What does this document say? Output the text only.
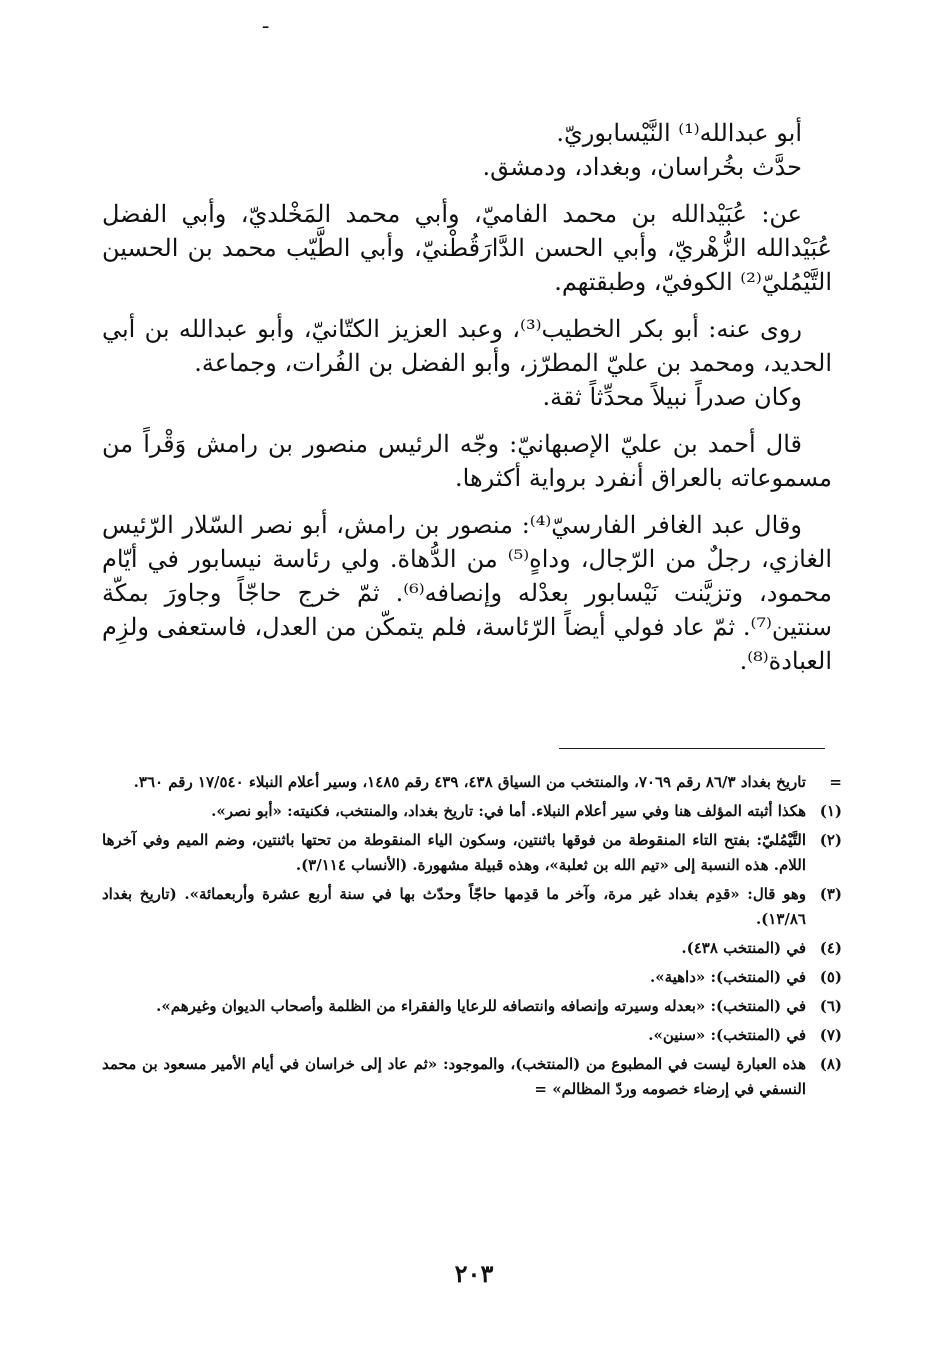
ـ

أبو عبدالله⁽¹⁾ النَّيْسابوريّ.

حدَّث بخُراسان، وبغداد، ودمشق.

عن: عُبَيْدالله بن محمد الفاميّ، وأبي محمد المَخْلديّ، وأبي الفضل عُبَيْدالله الزُّهْريّ، وأبي الحسن الدَّارَقُطْنيّ، وأبي الطَّيّب محمد بن الحسين التَّيْمُليّ⁽²⁾ الكوفيّ، وطبقتهم.

روى عنه: أبو بكر الخطيب⁽³⁾، وعبد العزيز الكتّانيّ، وأبو عبدالله بن أبي الحديد، ومحمد بن عليّ المطرّز، وأبو الفضل بن الفُرات، وجماعة.

وكان صدراً نبيلاً محدِّثاً ثقة.

قال أحمد بن عليّ الإصبهانيّ: وجّه الرئيس منصور بن رامش وَقْراً من مسموعاته بالعراق أنفرد برواية أكثرها.

وقال عبد الغافر الفارسيّ⁽⁴⁾: منصور بن رامش، أبو نصر السّلار الرّئيس الغازي، رجلٌ من الرّجال، وداهٍ⁽⁵⁾ من الدُّهاة. ولي رئاسة نيسابور في أيّام محمود، وتزيَّنت نَيْسابور بعدْله وإنصافه⁽⁶⁾. ثمّ خرج حاجّاً وجاورَ بمكّة سنتين⁽⁷⁾. ثمّ عاد فولي أيضاً الرّئاسة، فلم يتمكّن من العدل، فاستعفى ولزِم العبادة⁽⁸⁾.

=
تاريخ بغداد ٨٦/٣ رقم ٧٠٦٩، والمنتخب من السياق ٤٣٨، ٤٣٩ رقم ١٤٨٥، وسير أعلام النبلاء ١٧/٥٤٠ رقم ٣٦٠.
(١)
هكذا أثبته المؤلف هنا وفي سير أعلام النبلاء. أما في: تاريخ بغداد، والمنتخب، فكنيته: «أبو نصر».
(٢)
التَّيْمُليّ: بفتح التاء المنقوطة من فوقها باثنتين، وسكون الياء المنقوطة من تحتها باثنتين، وضم الميم وفي آخرها اللام. هذه النسبة إلى «تيم الله بن ثعلبة»، وهذه قبيلة مشهورة. (الأنساب ٣/١١٤).
(٣)
وهو قال: «قدِم بغداد غير مرة، وآخر ما قدِمها حاجّاً وحدّث بها في سنة أربع عشرة وأربعمائة». (تاريخ بغداد ١٣/٨٦).
(٤)
في (المنتخب ٤٣٨).
(٥)
في (المنتخب): «داهية».
(٦)
في (المنتخب): «بعدله وسيرته وإنصافه وانتصافه للرعايا والفقراء من الظلمة وأصحاب الديوان وغيرهم».
(٧)
في (المنتخب): «سنين».
(٨)
هذه العبارة ليست في المطبوع من (المنتخب)، والموجود: «ثم عاد إلى خراسان في أيام الأمير مسعود بن محمد النسفي في إرضاء خصومه وردّ المظالم» =
٢٠٣
